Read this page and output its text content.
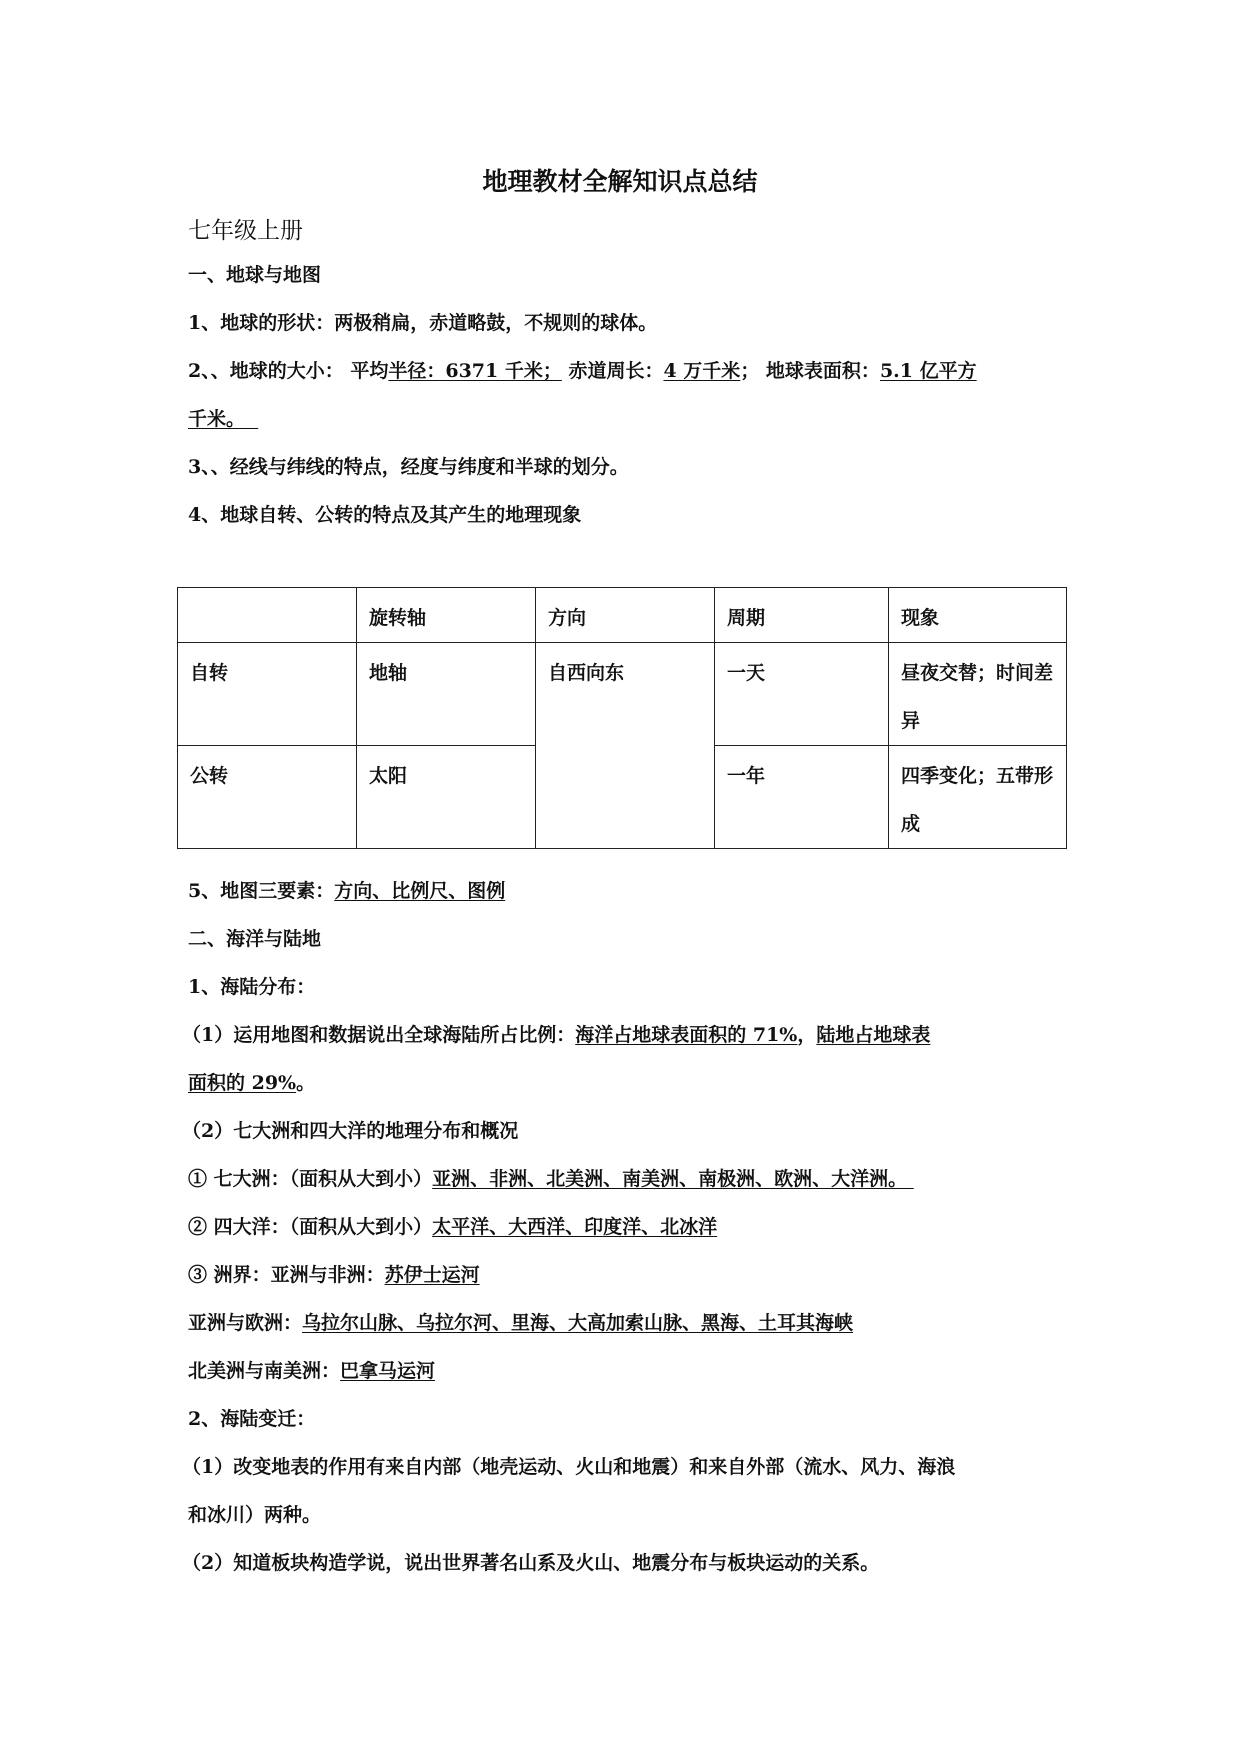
地理教材全解知识点总结
七年级上册
一、地球与地图
1、地球的形状：两极稍扁，赤道略鼓，不规则的球体。
2、、地球的大小： 平均半径：6371 千米； 赤道周长：4 万千米； 地球表面积：5.1 亿平方
千米。
3、、经线与纬线的特点，经度与纬度和半球的划分。
4、地球自转、公转的特点及其产生的地理现象
	旋转轴	方向	周期	现象
自转	地轴	自西向东	一天	昼夜交替；时间差异
公转	太阳		一年	四季变化；五带形成
5、地图三要素：方向、比例尺、图例
二、海洋与陆地
1、海陆分布：
（1）运用地图和数据说出全球海陆所占比例：海洋占地球表面积的 71%，陆地占地球表
面积的 29%。
（2）七大洲和四大洋的地理分布和概况
① 七大洲：（面积从大到小）亚洲、非洲、北美洲、南美洲、南极洲、欧洲、大洋洲。
② 四大洋：（面积从大到小）太平洋、大西洋、印度洋、北冰洋
③ 洲界：亚洲与非洲：苏伊士运河
亚洲与欧洲：乌拉尔山脉、乌拉尔河、里海、大高加索山脉、黑海、土耳其海峡
北美洲与南美洲：巴拿马运河
2、海陆变迁：
（1）改变地表的作用有来自内部（地壳运动、火山和地震）和来自外部（流水、风力、海浪
和冰川）两种。
（2）知道板块构造学说，说出世界著名山系及火山、地震分布与板块运动的关系。
